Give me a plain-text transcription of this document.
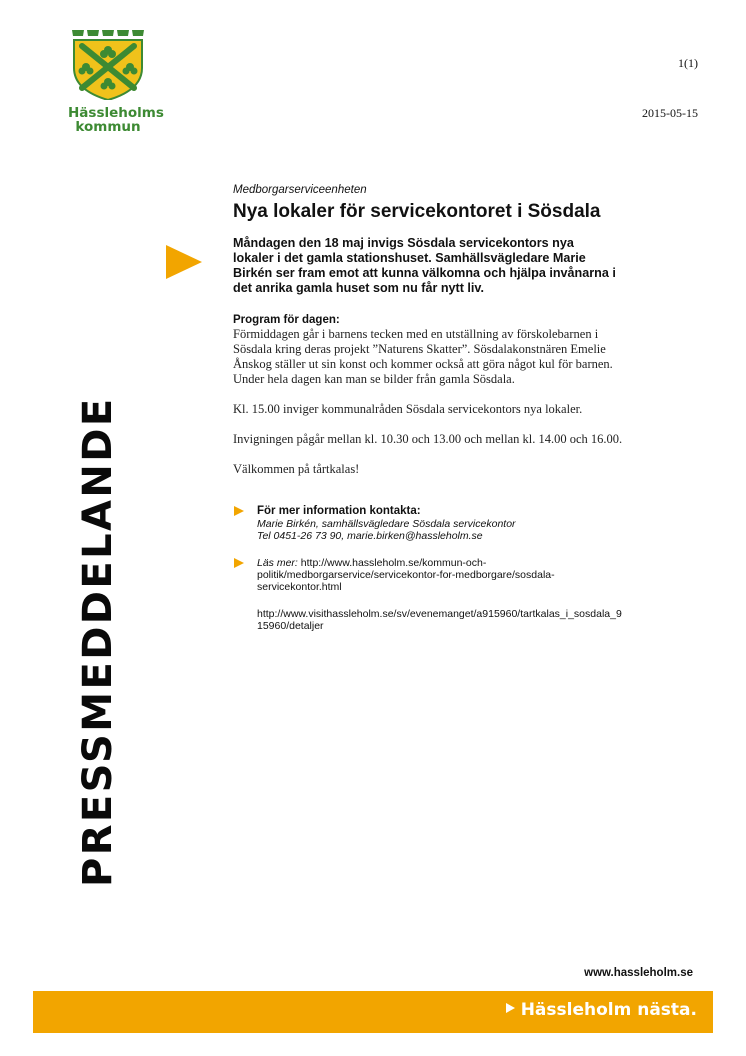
Hässleholms
kommun
1(1)
2015-05-15
PRESSMEDDELANDE
Medborgarserviceenheten
Nya lokaler för servicekontoret i Sösdala
Måndagen den 18 maj invigs Sösdala servicekontors nya
lokaler i det gamla stationshuset. Samhällsvägledare Marie
Birkén ser fram emot att kunna välkomna och hjälpa invånarna i
det anrika gamla huset som nu får nytt liv.
Program för dagen:
Förmiddagen går i barnens tecken med en utställning av förskolebarnen i
Sösdala kring deras projekt ”Naturens Skatter”. Sösdalakonstnären Emelie
Ånskog ställer ut sin konst och kommer också att göra något kul för barnen.
Under hela dagen kan man se bilder från gamla Sösdala.
Kl. 15.00 inviger kommunalråden Sösdala servicekontors nya lokaler.
Invigningen pågår mellan kl. 10.30 och 13.00 och mellan kl. 14.00 och 16.00.
Välkommen på tårtkalas!
För mer information kontakta:
Marie Birkén, samhällsvägledare Sösdala servicekontor
Tel 0451-26 73 90, marie.birken@hassleholm.se
Läs mer: http://www.hassleholm.se/kommun-och-
politik/medborgarservice/servicekontor-for-medborgare/sosdala-
servicekontor.html
http://www.visithassleholm.se/sv/evenemanget/a915960/tartkalas_i_sosdala_9
15960/detaljer
www.hassleholm.se
Hässleholm nästa.
